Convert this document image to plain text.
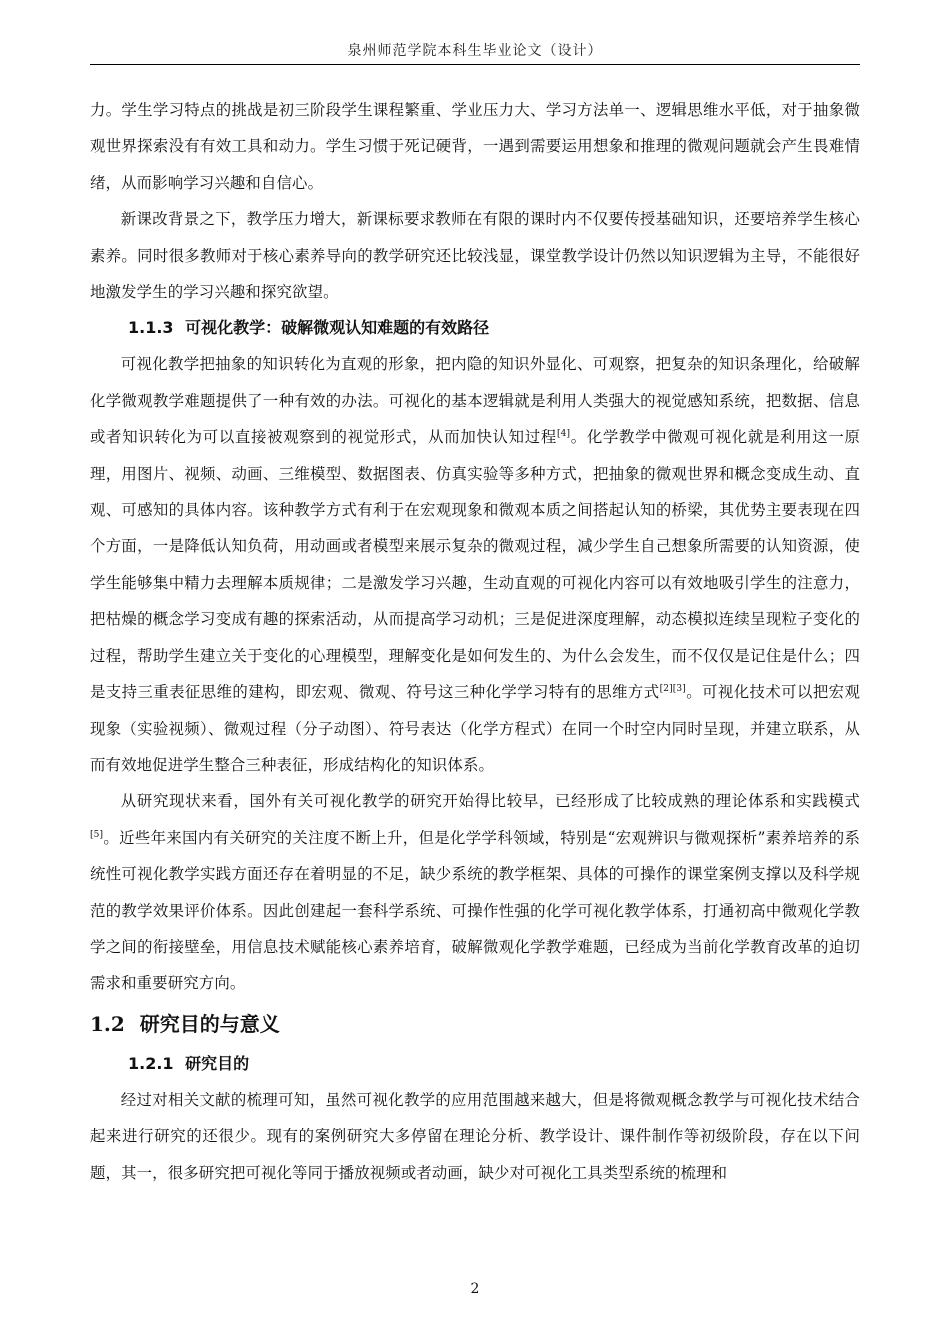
泉州师范学院本科生毕业论文（设计）

力。学生学习特点的挑战是初三阶段学生课程繁重、学业压力大、学习方法单一、逻辑思维水平低，对于抽象微观世界探索没有有效工具和动力。学生习惯于死记硬背，一遇到需要运用想象和推理的微观问题就会产生畏难情绪，从而影响学习兴趣和自信心。

新课改背景之下，教学压力增大，新课标要求教师在有限的课时内不仅要传授基础知识，还要培养学生核心素养。同时很多教师对于核心素养导向的教学研究还比较浅显，课堂教学设计仍然以知识逻辑为主导，不能很好地激发学生的学习兴趣和探究欲望。

1.1.3 可视化教学：破解微观认知难题的有效路径

可视化教学把抽象的知识转化为直观的形象，把内隐的知识外显化、可观察，把复杂的知识条理化，给破解化学微观教学难题提供了一种有效的办法。可视化的基本逻辑就是利用人类强大的视觉感知系统，把数据、信息或者知识转化为可以直接被观察到的视觉形式，从而加快认知过程[4]。化学教学中微观可视化就是利用这一原理，用图片、视频、动画、三维模型、数据图表、仿真实验等多种方式，把抽象的微观世界和概念变成生动、直观、可感知的具体内容。该种教学方式有利于在宏观现象和微观本质之间搭起认知的桥梁，其优势主要表现在四个方面，一是降低认知负荷，用动画或者模型来展示复杂的微观过程，减少学生自己想象所需要的认知资源，使学生能够集中精力去理解本质规律；二是激发学习兴趣，生动直观的可视化内容可以有效地吸引学生的注意力，把枯燥的概念学习变成有趣的探索活动，从而提高学习动机；三是促进深度理解，动态模拟连续呈现粒子变化的过程，帮助学生建立关于变化的心理模型，理解变化是如何发生的、为什么会发生，而不仅仅是记住是什么；四是支持三重表征思维的建构，即宏观、微观、符号这三种化学学习特有的思维方式[2][3]。可视化技术可以把宏观现象（实验视频）、微观过程（分子动图）、符号表达（化学方程式）在同一个时空内同时呈现，并建立联系，从而有效地促进学生整合三种表征，形成结构化的知识体系。

从研究现状来看，国外有关可视化教学的研究开始得比较早，已经形成了比较成熟的理论体系和实践模式[5]。近些年来国内有关研究的关注度不断上升，但是化学学科领域，特别是“宏观辨识与微观探析”素养培养的系统性可视化教学实践方面还存在着明显的不足，缺少系统的教学框架、具体的可操作的课堂案例支撑以及科学规范的教学效果评价体系。因此创建起一套科学系统、可操作性强的化学可视化教学体系，打通初高中微观化学教学之间的衔接壁垒，用信息技术赋能核心素养培育，破解微观化学教学难题，已经成为当前化学教育改革的迫切需求和重要研究方向。

1.2 研究目的与意义
1.2.1 研究目的

经过对相关文献的梳理可知，虽然可视化教学的应用范围越来越大，但是将微观概念教学与可视化技术结合起来进行研究的还很少。现有的案例研究大多停留在理论分析、教学设计、课件制作等初级阶段，存在以下问题，其一，很多研究把可视化等同于播放视频或者动画，缺少对可视化工具类型系统的梳理和

2
